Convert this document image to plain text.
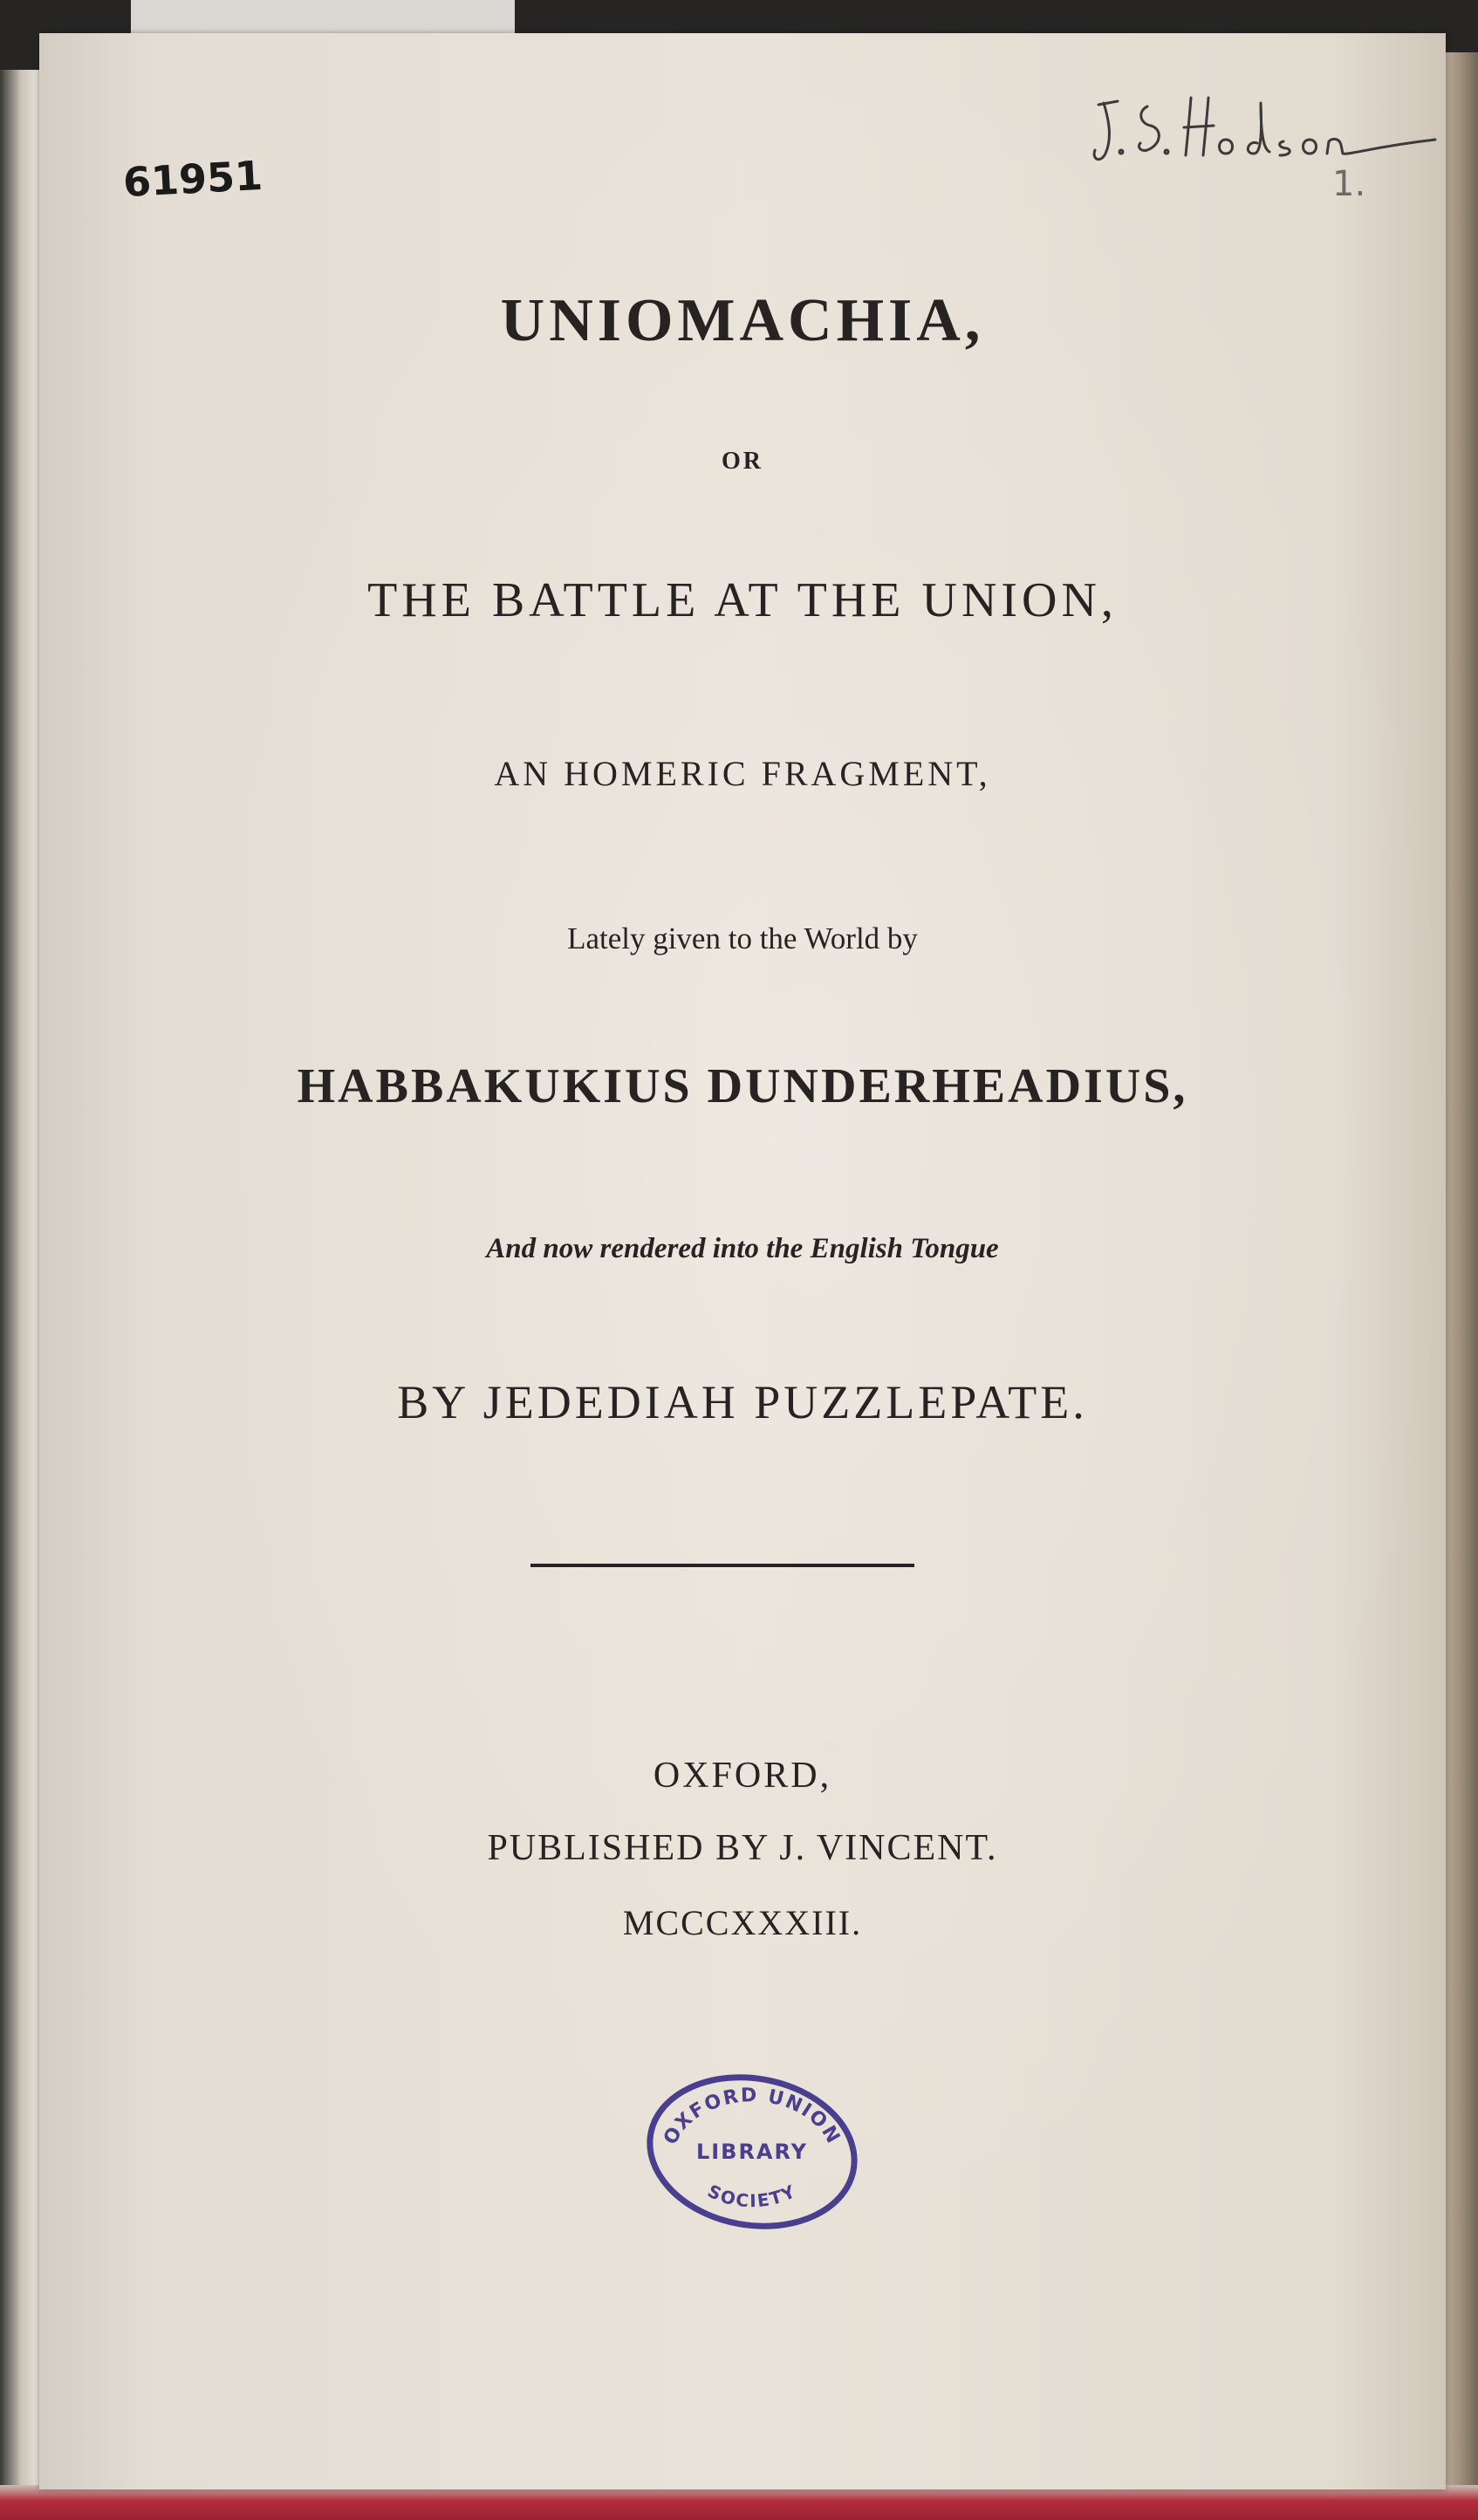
61951	1.
UNIOMACHIA,
OR
THE BATTLE AT THE UNION,
AN HOMERIC FRAGMENT,
Lately given to the World by
HABBAKUKIUS DUNDERHEADIUS,
And now rendered into the English Tongue
BY JEDEDIAH PUZZLEPATE.
OXFORD,
PUBLISHED BY J. VINCENT.
MCCCXXXIII.
OXFORD UNION
LIBRARY
SOCIETY
